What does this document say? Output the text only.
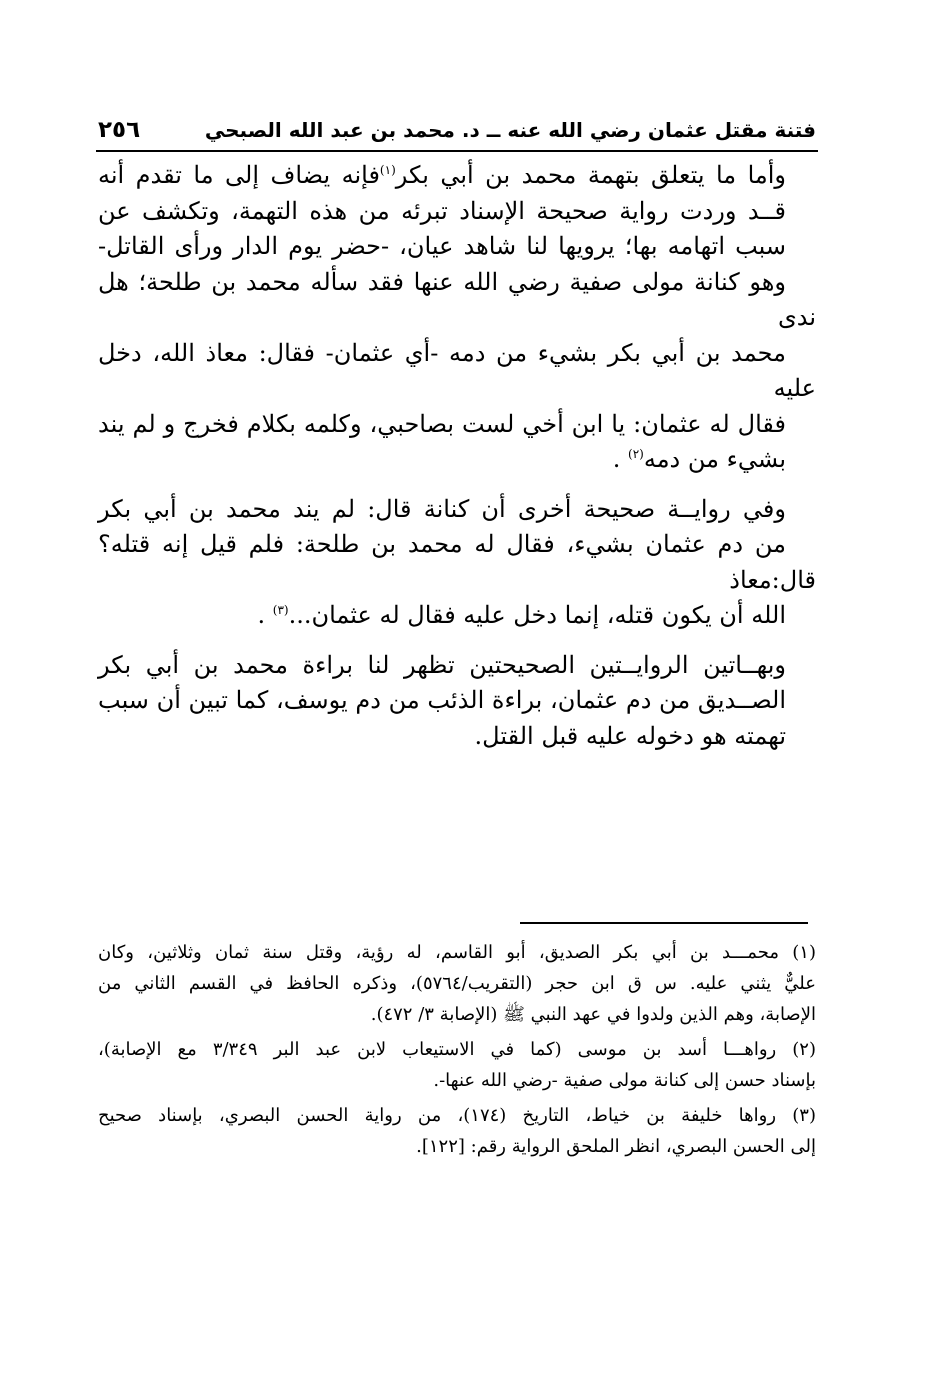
فتنة مقتل عثمان رضي الله عنه ــ د. محمد بن عبد الله الصبحي
٢٥٦

وأما ما يتعلق بتهمة محمد بن أبي بكر$^{(١)}$فإنه يضاف إلى ما تقدم أنه
قــد وردت رواية صحيحة الإسناد تبرئه من هذه التهمة، وتكشف عن
سبب اتهامه بها؛ يرويها لنا شاهد عيان، -حضر يوم الدار ورأى القاتل-
وهو كنانة مولى صفية رضي الله عنها فقد سأله محمد بن طلحة؛ هل ندى
محمد بن أبي بكر بشيء من دمه -أي عثمان- فقال: معاذ الله، دخل عليه
فقال له عثمان: يا ابن أخي لست بصاحبي، وكلمه بكلام فخرج و لم يند
بشيء من دمه$^{(٢)}$ .

وفي روايــة صحيحة أخرى أن كنانة قال: لم يند محمد بن أبي بكر
من دم عثمان بشيء، فقال له محمد بن طلحة: فلم قيل إنه قتله؟ قال:معاذ
الله أن يكون قتله، إنما دخل عليه فقال له عثمان...$^{(٣)}$ .

وبهــاتين الروايــتين الصحيحتين تظهر لنا براءة محمد بن أبي بكر
الصــديق من دم عثمان، براءة الذئب من دم يوسف، كما تبين أن سبب
تهمته هو دخوله عليه قبل القتل.

(١) محمـــد بن أبي بكر الصديق، أبو القاسم، له رؤية، وقتل سنة ثمان وثلاثين، وكان
عليٌّ يثني عليه. س ق ابن حجر (التقريب/٥٧٦٤)، وذكره الحافظ في القسم الثاني من
الإصابة، وهم الذين ولدوا في عهد النبي ﷺ (الإصابة ٣/ ٤٧٢).

(٢) رواهـــا أسد بن موسى (كما في الاستيعاب لابن عبد البر ٣/٣٤٩ مع الإصابة)،
بإسناد حسن إلى كنانة مولى صفية -رضي الله عنها-.

(٣) رواها خليفة بن خياط، التاريخ (١٧٤)، من رواية الحسن البصري، بإسناد صحيح
إلى الحسن البصري، انظر الملحق الرواية رقم: [١٢٢].
